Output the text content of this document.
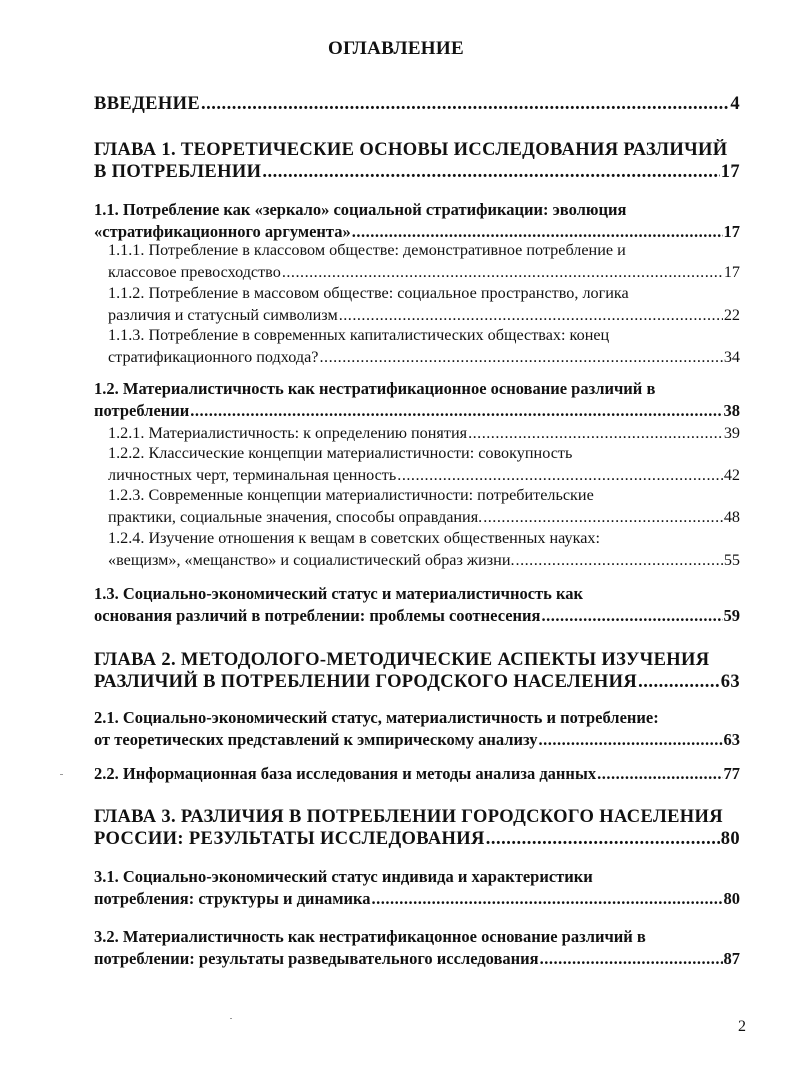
ОГЛАВЛЕНИЕ
ВВЕДЕНИЕ .....	4
ГЛАВА 1. ТЕОРЕТИЧЕСКИЕ ОСНОВЫ ИССЛЕДОВАНИЯ РАЗЛИЧИЙ
В ПОТРЕБЛЕНИИ .....	17
1.1. Потребление как «зеркало» социальной стратификации: эволюция
«стратификационного аргумента» .....	17
1.1.1. Потребление в классовом обществе: демонстративное потребление и
классовое превосходство .....	17
1.1.2. Потребление в массовом обществе: социальное пространство, логика
различия и статусный символизм .....	22
1.1.3. Потребление в современных капиталистических обществах: конец
стратификационного подхода? .....	34
1.2. Материалистичность как нестратификационное основание различий в
потреблении .....	38
1.2.1. Материалистичность: к определению понятия .....	39
1.2.2. Классические концепции материалистичности: совокупность
личностных черт, терминальная ценность .....	42
1.2.3. Современные концепции материалистичности: потребительские
практики, социальные значения, способы оправдания. .....	48
1.2.4. Изучение отношения к вещам в советских общественных науках:
«вещизм», «мещанство» и социалистический образ жизни. .....	55
1.3. Социально-экономический статус и материалистичность как
основания различий в потреблении: проблемы соотнесения .....	59
ГЛАВА 2. МЕТОДОЛОГО-МЕТОДИЧЕСКИЕ АСПЕКТЫ ИЗУЧЕНИЯ
РАЗЛИЧИЙ В ПОТРЕБЛЕНИИ ГОРОДСКОГО НАСЕЛЕНИЯ .....	63
2.1. Социально-экономический статус, материалистичность и потребление:
от теоретических представлений к эмпирическому анализу .....	63
2.2. Информационная база исследования и методы анализа данных .....	77
ГЛАВА 3. РАЗЛИЧИЯ В ПОТРЕБЛЕНИИ ГОРОДСКОГО НАСЕЛЕНИЯ
РОССИИ: РЕЗУЛЬТАТЫ ИССЛЕДОВАНИЯ .....	80
3.1. Социально-экономический статус индивида и характеристики
потребления: структуры и динамика .....	80
3.2. Материалистичность как нестратификацонное основание различий в
потреблении: результаты разведывательного исследования .....	87
2
